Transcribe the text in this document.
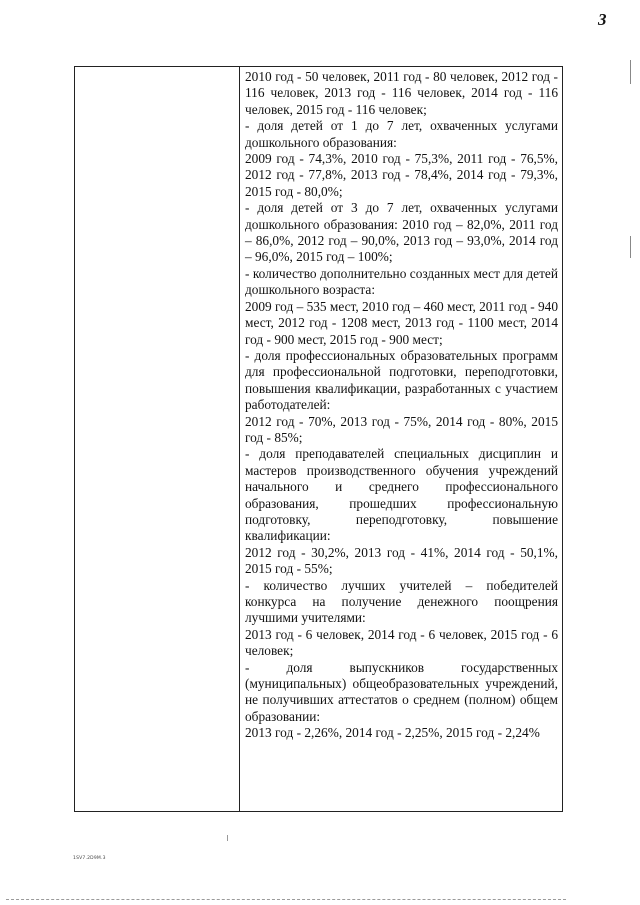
3
2010 год - 50 человек, 2011 год - 80 человек, 2012 год - 116 человек, 2013 год - 116 человек, 2014 год - 116 человек, 2015 год - 116 человек;
- доля детей от 1 до 7 лет, охваченных услугами дошкольного образования:
2009 год - 74,3%, 2010 год - 75,3%, 2011 год - 76,5%, 2012 год - 77,8%, 2013 год - 78,4%, 2014 год - 79,3%, 2015 год - 80,0%;
- доля детей от 3 до 7 лет, охваченных услугами дошкольного образования: 2010 год – 82,0%, 2011 год – 86,0%, 2012 год – 90,0%, 2013 год – 93,0%, 2014 год – 96,0%, 2015 год – 100%;
- количество дополнительно созданных мест для детей дошкольного возраста:
2009 год – 535 мест, 2010 год – 460 мест, 2011 год - 940 мест, 2012 год - 1208 мест, 2013 год - 1100 мест, 2014 год - 900 мест, 2015 год - 900 мест;
- доля профессиональных образовательных программ для профессиональной подготовки, переподготовки, повышения квалификации, разработанных с участием работодателей:
2012 год - 70%, 2013 год - 75%, 2014 год - 80%, 2015 год - 85%;
- доля преподавателей специальных дисциплин и мастеров производственного обучения учреждений начального и среднего профессионального образования, прошедших профессиональную подготовку, переподготовку, повышение квалификации:
2012 год - 30,2%, 2013 год - 41%, 2014 год - 50,1%, 2015 год - 55%;
- количество лучших учителей – победителей конкурса на получение денежного поощрения лучшими учителями:
2013 год - 6 человек, 2014 год - 6 человек, 2015 год - 6 человек;
- доля выпускников государственных (муниципальных) общеобразовательных учреждений, не получивших аттестатов о среднем (полном) общем образовании:
2013 год - 2,26%, 2014 год - 2,25%, 2015 год - 2,24%
1SV7.2D9M.3
